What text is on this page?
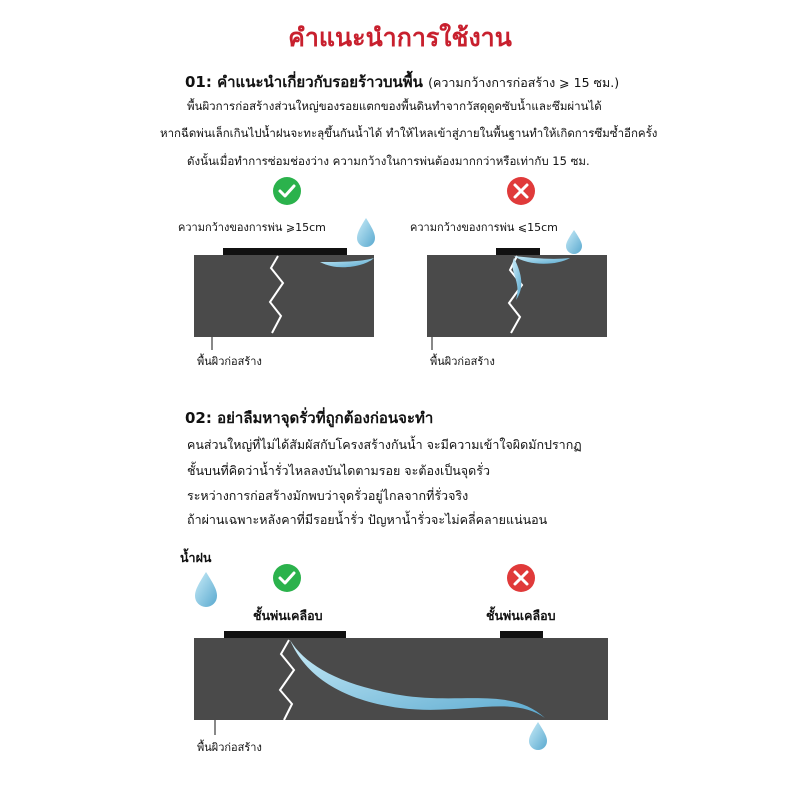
คำแนะนำการใช้งาน
01: คำแนะนำเกี่ยวกับรอยร้าวบนพื้น (ความกว้างการก่อสร้าง ⩾ 15 ซม.)
พื้นผิวการก่อสร้างส่วนใหญ่ของรอยแตกของพื้นดินทำจากวัสดุดูดซับน้ำและซึมผ่านได้
หากฉีดพ่นเล็กเกินไปน้ำฝนจะทะลุขึ้นกันน้ำได้ ทำให้ไหลเข้าสู่ภายในพื้นฐานทำให้เกิดการซึมซ้ำอีกครั้ง
ดังนั้นเมื่อทำการซ่อมช่องว่าง ความกว้างในการพ่นต้องมากกว่าหรือเท่ากับ 15 ซม.
ความกว้างของการพ่น ⩾15cm	ความกว้างของการพ่น ⩽15cm
พื้นผิวก่อสร้าง	พื้นผิวก่อสร้าง
02: อย่าลืมหาจุดรั่วที่ถูกต้องก่อนจะทำ
คนส่วนใหญ่ที่ไม่ได้สัมผัสกับโครงสร้างกันน้ำ จะมีความเข้าใจผิดมักปรากฏ
ชั้นบนที่คิดว่าน้ำรั่วไหลลงบันไดตามรอย จะต้องเป็นจุดรั่ว
ระหว่างการก่อสร้างมักพบว่าจุดรั่วอยู่ไกลจากที่รั่วจริง
ถ้าผ่านเฉพาะหลังคาที่มีรอยน้ำรั่ว ปัญหาน้ำรั่วจะไม่คลี่คลายแน่นอน
น้ำฝน
ชั้นพ่นเคลือบ	ชั้นพ่นเคลือบ
พื้นผิวก่อสร้าง
